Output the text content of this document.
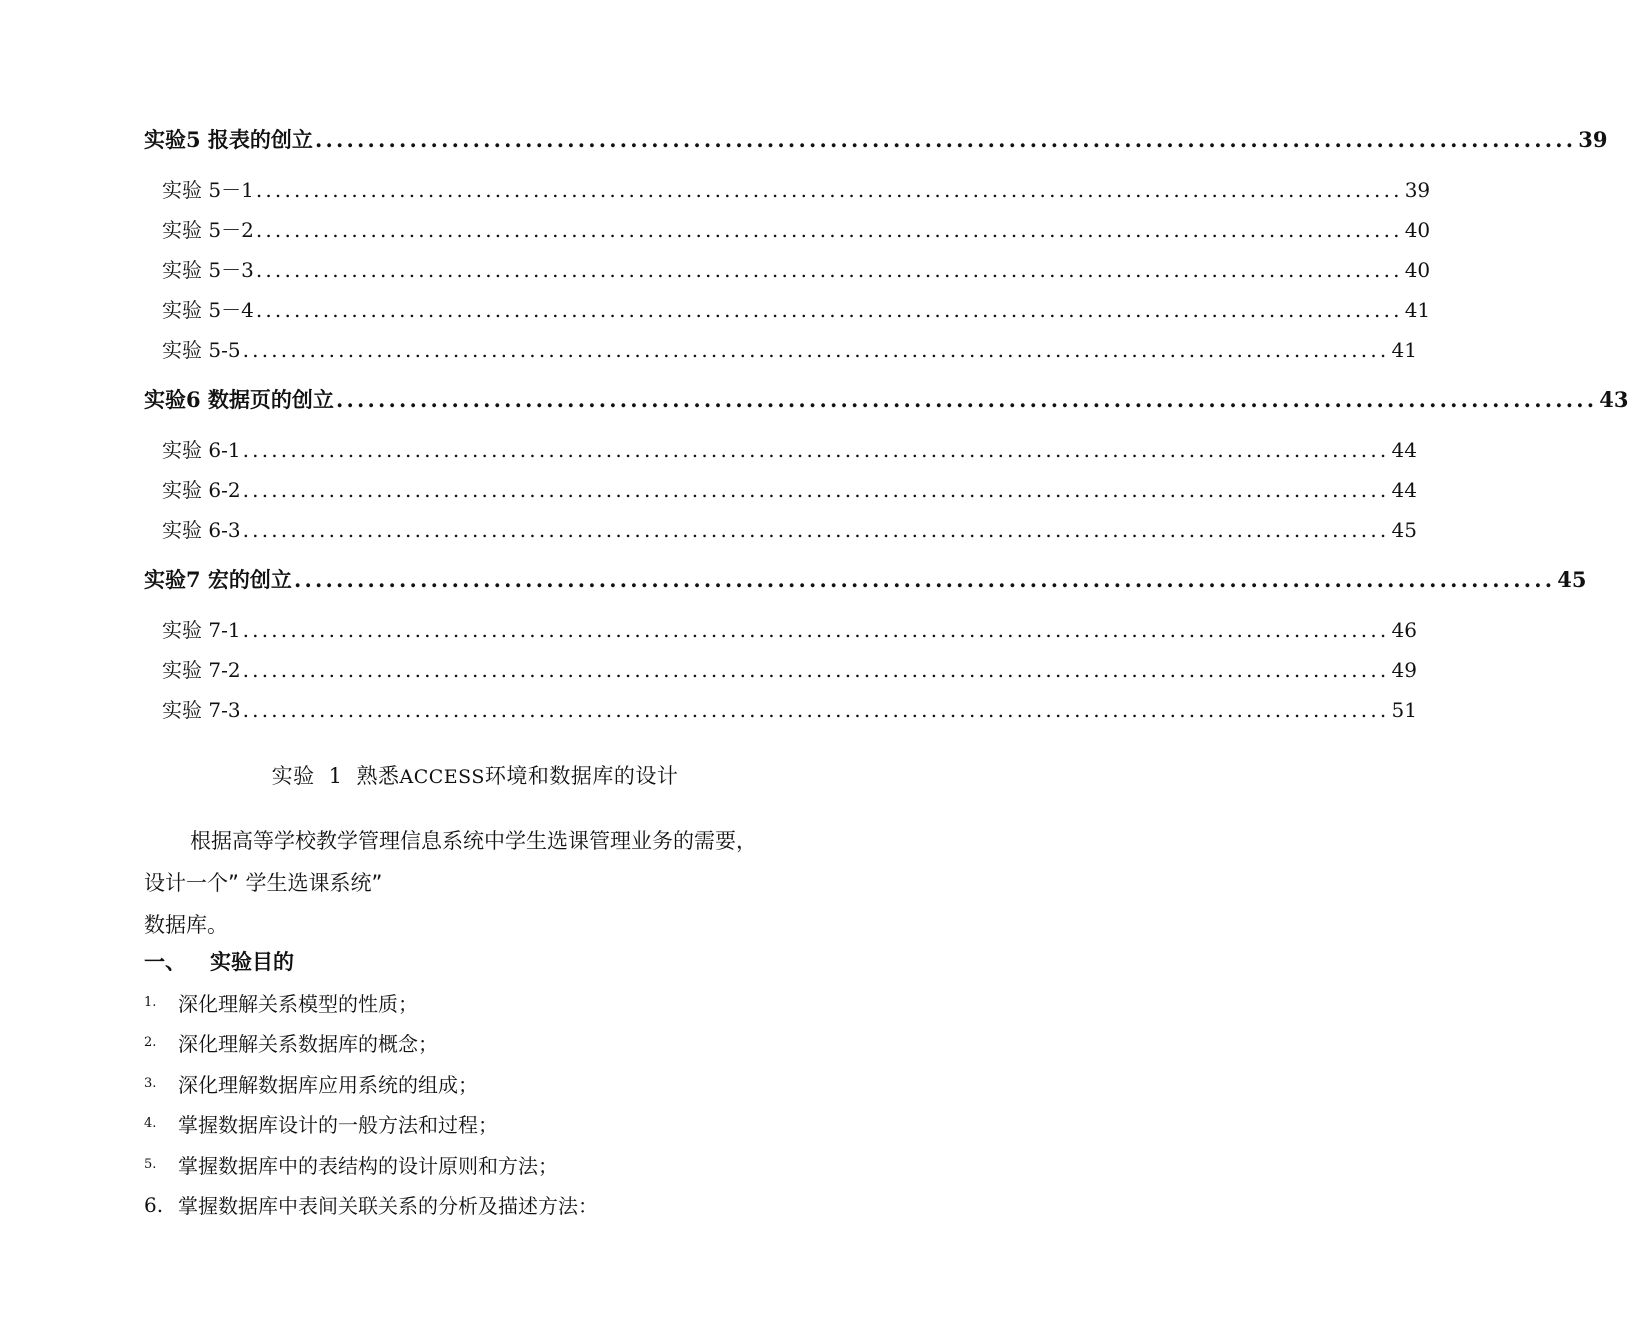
实验5 报表的创立 ........................................................................................................................ 39
实验 5－1 ........................................................................................................................ 39
实验 5－2 ........................................................................................................................ 40
实验 5－3 ........................................................................................................................ 40
实验 5－4 ........................................................................................................................ 41
实验 5-5 ........................................................................................................................ 41
实验6 数据页的创立 ........................................................................................................................ 43
实验 6-1 ........................................................................................................................ 44
实验 6-2 ........................................................................................................................ 44
实验 6-3 ........................................................................................................................ 45
实验7 宏的创立 ........................................................................................................................ 45
实验 7-1 ........................................................................................................................ 46
实验 7-2 ........................................................................................................................ 49
实验 7-3 ........................................................................................................................ 51
实验 1 熟悉ACCESS环境和数据库的设计
根据高等学校教学管理信息系统中学生选课管理业务的需要，
设计一个” 学生选课系统”
数据库。
一、 实验目的
1.	深化理解关系模型的性质；
2.	深化理解关系数据库的概念；
3.	深化理解数据库应用系统的组成；
4.	掌握数据库设计的一般方法和过程；
5.	掌握数据库中的表结构的设计原则和方法；
6. 掌握数据库中表间关联关系的分析及描述方法：
